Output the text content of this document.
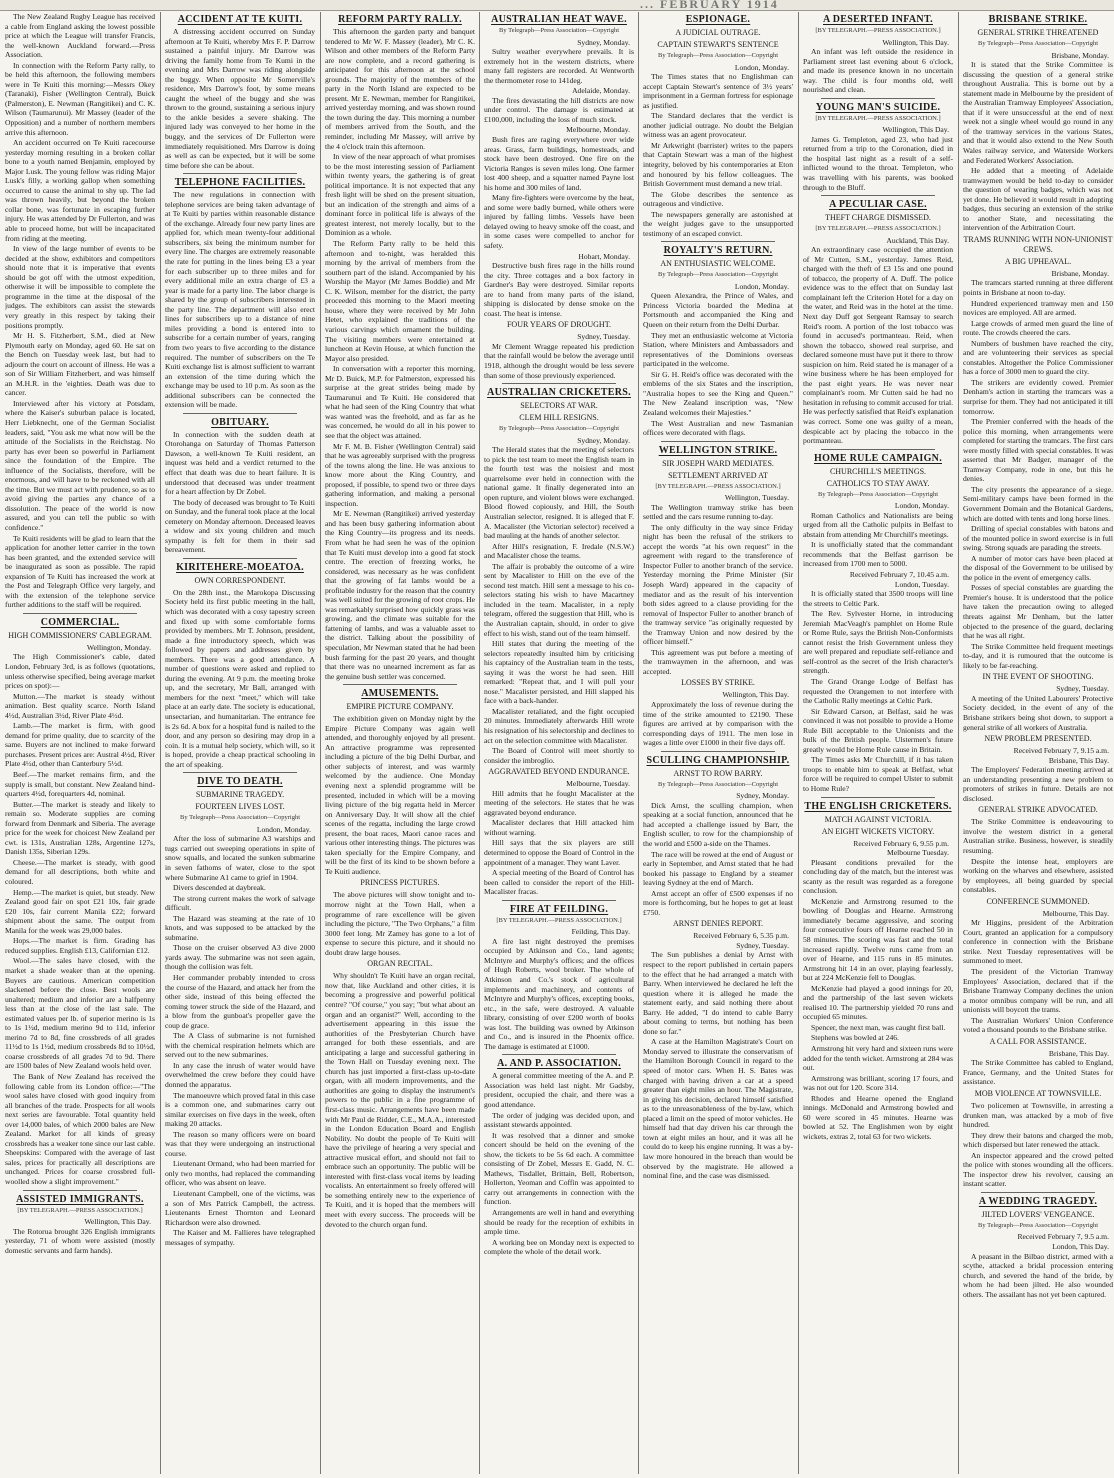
... FEBRUARY 1914

The New Zealand Rugby League has received a cable from England asking the lowest possible price at which the League will transfer Francis, the well-known Auckland forward.—Press Association.

In connection with the Reform Party rally, to be held this afternoon, the following members were in Te Kuiti this morning:—Messrs Okey (Taranaki), Fisher (Wellington Central), Buick (Palmerston), E. Newman (Rangitikei) and C. K. Wilson (Taumarunui). Mr Massey (leader of the Opposition) and a number of northern members arrive this afternoon.

An accident occurred on Te Kuiti racecourse yesterday morning resulting in a broken collar bone to a youth named Benjamin, employed by Major Lusk. The young fellow was riding Major Lusk's filly, a working gallop when something occurred to cause the animal to shy up. The lad was thrown heavily, but beyond the broken collar bone, was fortunate in escaping further injury. He was attended by Dr Fullerton, and was able to proceed home, but will be incapacitated from riding at the meeting.

In view of the large number of events to be decided at the show, exhibitors and competitors should note that it is imperative that events should be got off with the utmost expedition, otherwise it will be impossible to complete the programme in the time at the disposal of the judges. The exhibitors can assist the stewards very greatly in this respect by taking their positions promptly.

Mr H. S. Fitzherbert, S.M., died at New Plymouth early on Monday, aged 60. He sat on the Bench on Tuesday week last, but had to adjourn the court on account of illness. He was a son of Sir William Fitzherbert, and was himself an M.H.R. in the 'eighties. Death was due to cancer.

Interviewed after his victory at Potsdam, where the Kaiser's suburban palace is located, Herr Liebknecht, one of the German Socialist leaders, said, "You ask me what now will be the attitude of the Socialists in the Reichstag. No party has ever been so powerful in Parliament since the foundation of the Empire. The influence of the Socialists, therefore, will be enormous, and will have to be reckoned with all the time. But we must act with prudence, so as to avoid giving the parties any chance of a dissolution. The peace of the world is now assured, and you can tell the public so with confidence."

Te Kuiti residents will be glad to learn that the application for another letter carrier in the town has been granted, and the extended service will be inaugurated as soon as possible. The rapid expansion of Te Kuiti has increased the work at the Post and Telegraph Office very largely, and with the extension of the telephone service further additions to the staff will be required.

COMMERCIAL.
HIGH COMMISSIONERS' CABLEGRAM.
Wellington, Monday.

The High Commissioner's cable, dated London, February 3rd, is as follows (quotations, unless otherwise specified, being average market prices on spot):—

Mutton.—The market is steady without animation. Best quality scarce. North Island 4½d, Australian 3½d, River Plate 4½d.

Lamb.—The market is firm, with good demand for prime quality, due to scarcity of the same. Buyers are not inclined to make forward purchases. Present prices are: Austral 4½d, River Plate 4½d, other than Canterbury 5½d.

Beef.—The market remains firm, and the supply is small, but constant. New Zealand hind-quarters 4½d, forequarters 4d, nominal.

Butter.—The market is steady and likely to remain so. Moderate supplies are coming forward from Denmark and Siberia. The average price for the week for choicest New Zealand per cwt. is 131s, Australian 128s, Argentine 127s, Danish 135s, Siberian 129s.

Cheese.—The market is steady, with good demand for all descriptions, both white and coloured.

Hemp.—The market is quiet, but steady. New Zealand good fair on spot £21 10s, fair grade £20 10s, fair current Manila £22; forward shipment about the same. The output from Manila for the week was 29,000 bales.

Hops.—The market is firm. Grading has reduced supplies. English £13, Californian £12.

Wool.—The sales have closed, with the market a shade weaker than at the opening. Buyers are cautious. American competition slackened before the close. Best wools are unaltered; medium and inferior are a halfpenny less than at the close of the last sale. The estimated values per lb. of superior merino is 1s to 1s 1½d, medium merino 9d to 11d, inferior merino 7d to 8d, fine crossbreds of all grades 11½d to 1s 1½d, medium crossbreds 8d to 10½d, coarse crossbreds of all grades 7d to 9d. There are 1500 bales of New Zealand wools held over.

The Bank of New Zealand has received the following cable from its London office:—"The wool sales have closed with good inquiry from all branches of the trade. Prospects for all wools next series are favourable. Total quantity held over 14,000 bales, of which 2000 bales are New Zealand. Market for all kinds of greasy crossbreds has a weaker tone since our last cable. Sheepskins: Compared with the average of last sales, prices for practically all descriptions are unchanged. Prices for coarse crossbred full-woolled show a slight improvement."

ASSISTED IMMIGRANTS.
[BY TELEGRAPH.—PRESS ASSOCIATION.]
Wellington, This Day.

The Rotorua brought 326 English immigrants yesterday, 71 of whom were assisted (mostly domestic servants and farm hands).

ACCIDENT AT TE KUITI.

A distressing accident occurred on Sunday afternoon at Te Kuiti, whereby Mrs F. P. Darrow sustained a painful injury. Mr Darrow was driving the family home from Te Kumi in the evening and Mrs Darrow was riding alongside the buggy. When opposite Mr Somerville's residence, Mrs Darrow's foot, by some means caught the wheel of the buggy and she was thrown to the ground, sustaining a serious injury to the ankle besides a severe shaking. The injured lady was conveyed to her home in the buggy, and the services of Dr Fullerton were immediately requisitioned. Mrs Darrow is doing as well as can be expected, but it will be some time before she can be about.

TELEPHONE FACILITIES.

The new regulations in connection with telephone services are being taken advantage of at Te Kuiti by parties within reasonable distance of the exchange. Already four new party lines are applied for, which mean twenty-four additional subscribers, six being the minimum number for every line. The charges are extremely reasonable the rate for putting in the lines being £3 a year for each subscriber up to three miles and for every additional mile an extra charge of £3 a year is made for a party line. The labor charge is shared by the group of subscribers interested in the party line. The department will also erect lines for subscribers up to a distance of nine miles providing a bond is entered into to subscribe for a certain number of years, ranging from two years to five according to the distance required. The number of subscribers on the Te Kuiti exchange list is almost sufficient to warrant an extension of the time during which the exchange may be used to 10 p.m. As soon as the additional subscribers can be connected the extension will be made.

OBITUARY.

In connection with the sudden death at Otorohanga on Saturday of Thomas Patterson Dawson, a well-known Te Kuiti resident, an inquest was held and a verdict returned to the effect that death was due to heart failure. It is understood that deceased was under treatment for a heart affection by Dr Zobel.

The body of deceased was brought to Te Kuiti on Sunday, and the funeral took place at the local cemetery on Monday afternoon. Deceased leaves a widow and six young children and much sympathy is felt for them in their sad bereavement.

KIRITEHERE-MOEATOA.
OWN CORRESPONDENT.

On the 28th inst., the Marokopa Discussing Society held its first public meeting in the hall, which was decorated with a cosy tapestry screen and fixed up with some comfortable forms provided by members. Mr T. Johnson, president, made a fine introductory speech, which was followed by papers and addresses given by members. There was a good attendance. A number of questions were asked and replied to during the evening. At 9 p.m. the meeting broke up, and the secretary, Mr Ball, arranged with members for the next "meet," which will take place at an early date. The society is educational, unsectarian, and humanitarian. The entrance fee is 2s 6d. A box for a hospital fund is nailed to the door, and any person so desiring may drop in a coin. It is a mutual help society, which will, so it is hoped, provide a cheap practical schooling in the art of speaking.

DIVE TO DEATH.
SUBMARINE TRAGEDY.
FOURTEEN LIVES LOST.
By Telegraph—Press Association—Copyright
London, Monday.

After the loss of submarine A3 warships and tugs carried out sweeping operations in spite of snow squalls, and located the sunken submarine in seven fathoms of water, close to the spot where Submarine A1 came to grief in 1904.

Divers descended at daybreak.

The strong current makes the work of salvage difficult.

The Hazard was steaming at the rate of 10 knots, and was supposed to be attacked by the submarine.

Those on the cruiser observed A3 dive 2000 yards away. The submarine was not seen again, though the collision was felt.

Her commander probably intended to cross the course of the Hazard, and attack her from the other side, instead of this being effected the coming tower struck the side of the Hazard, and a blow from the gunboat's propeller gave the coup de grace.

The A Class of submarine is not furnished with the chemical respiration helmets which are served out to the new submarines.

In any case the inrush of water would have overwhelmed the crew before they could have donned the apparatus.

The manoeuvre which proved fatal in this case is a common one, and submarines carry out similar exercises on five days in the week, often making 20 attacks.

The reason so many officers were on board was that they were undergoing an instructional course.

Lieutenant Ormand, who had been married for only two months, had replaced the commanding officer, who was absent on leave.

Lieutenant Campbell, one of the victims, was a son of Mrs Patrick Campbell, the actress. Lieutenants Ernest Thornton and Leonard Richardson were also drowned.

The Kaiser and M. Fallieres have telegraphed messages of sympathy.

REFORM PARTY RALLY.

This afternoon the garden party and banquet tendered to Mr W. F. Massey (leader), Mr C. K. Wilson and other members of the Reform Party are now complete, and a record gathering is anticipated for this afternoon at the school grounds. The majority of the members of the party in the North Island are expected to be present. Mr E. Newman, member for Rangitikei, arrived yesterday morning, and was shown round the town during the day. This morning a number of members arrived from the South, and the reminder, including Mr Massey, will arrive by the 4 o'clock train this afternoon.

In view of the near approach of what promises to be the most interesting session of Parliament within twenty years, the gathering is of great political importance. It is not expected that any fresh light will be shed on the present situation, but an indication of the strength and aims of a dominant force in political life is always of the greatest interest, not merely locally, but to the Dominion as a whole.

The Reform Party rally to be held this afternoon and to-night, was heralded this morning by the arrival of members from the southern part of the island. Accompanied by his Worship the Mayor (Mr James Boddie) and Mr C. K. Wilson, member for the district, the party proceeded this morning to the Maori meeting house, where they were received by Mr John Hetet, who explained the traditions of the various carvings which ornament the building. The visiting members were entertained at luncheon at Kevin House, at which function the Mayor also presided.

In conversation with a reporter this morning, Mr D. Buick, M.P. for Palmerston, expressed his surprise at the great strides being made by Taumarunui and Te Kuiti. He considered that what he had seen of the King Country that what was wanted was the freehold, and as far as he was concerned, he would do all in his power to see that the object was attained.

Mr F. M. B. Fisher (Wellington Central) said that he was agreeably surprised with the progress of the towns along the line. He was anxious to know more about the King Country, and proposed, if possible, to spend two or three days gathering information, and making a personal inspection.

Mr E. Newman (Rangitikei) arrived yesterday and has been busy gathering information about the King Country—its progress and its needs. From what he had seen he was of the opinion that Te Kuiti must develop into a good fat stock centre. The erection of freezing works, he considered, was necessary as he was confident that the growing of fat lambs would be a profitable industry for the reason that the country was well suited for the growing of root crops. He was remarkably surprised how quickly grass was growing, and the climate was suitable for the fattening of lambs, and was a valuable asset to the district. Talking about the possibility of speculation, Mr Newman stated that he had been bush farming for the past 20 years, and thought that there was no unearned increment as far as the genuine bush settler was concerned.

AMUSEMENTS.
EMPIRE PICTURE COMPANY.

The exhibition given on Monday night by the Empire Picture Company was again well attended, and thoroughly enjoyed by all present. An attractive programme was represented including a picture of the big Delhi Durbar, and other subjects of interest, and was warmly welcomed by the audience. One Monday evening next a splendid programme will be presented, included in which will be a moving living picture of the big regatta held in Mercer on Anniversary Day. It will show all the chief scenes of the regatta, including the large crowd present, the boat races, Maori canoe races and various other interesting things. The pictures was taken specially for the Empire Company, and will be the first of its kind to be shown before a Te Kuiti audience.

PRINCESS PICTURES.

The above pictures will show tonight and to-morrow night at the Town Hall, when a programme of rare excellence will be given including the picture, "The Two Orphans," a film 3000 feet long. Mr Zamey has gone to a lot of expense to secure this picture, and it should no doubt draw large houses.

ORGAN RECITAL.

Why shouldn't Te Kuiti have an organ recital, now that, like Auckland and other cities, it is becoming a progressive and powerful political centre? "Of course," you say; "but what about an organ and an organist?" Well, according to the advertisement appearing in this issue the authorities of the Presbyterian Church have arranged for both these essentials, and are anticipating a large and successful gathering in the Town Hall on Tuesday evening next. The church has just imported a first-class up-to-date organ, with all modern improvements, and the authorities are going to display the instrument's powers to the public in a fine programme of first-class music. Arrangements have been made with Mr Paul de Ridder, C.E., M.A.A., interested in the London Education Board and English Nobility. No doubt the people of Te Kuiti will have the privilege of hearing a very special and attractive musical effort, and should not fail to embrace such an opportunity. The public will be interested with first-class vocal items by leading vocalists. An entertainment so freely offered will be something entirely new to the experience of Te Kuiti, and it is hoped that the members will meet with every success. The proceeds will be devoted to the church organ fund.

AUSTRALIAN HEAT WAVE.
By Telegraph—Press Association—Copyright
Sydney, Monday.

Sultry weather everywhere prevails. It is extremely hot in the western districts, where many fall registers are recorded. At Wentworth the thermometer rose to 141deg.

Adelaide, Monday.

The fires devastating the hill districts are now under control. The damage is estimated at £100,000, including the loss of much stock.

Melbourne, Monday.

Bush fires are raging everywhere over wide areas. Grass, farm buildings, homesteads, and stock have been destroyed. One fire on the Victoria Ranges is seven miles long. One farmer lost 400 sheep, and a squatter named Payne lost his home and 300 miles of land.

Many fire-fighters were overcome by the heat, and some were badly burned, while others were injured by falling limbs. Vessels have been delayed owing to heavy smoke off the coast, and in some cases were compelled to anchor for safety.

Hobart, Monday.

Destructive bush fires rage in the hills round the city. Three cottages and a box factory in Gardner's Bay were destroyed. Similar reports are to hand from many parts of the island, shipping is dislocated by dense smoke on the coast. The heat is intense.

FOUR YEARS OF DROUGHT.
Sydney, Tuesday.

Mr Clement Wragge repeated his prediction that the rainfall would be below the average until 1918, although the drought would be less severe than some of those previously experienced.

AUSTRALIAN CRICKETERS.
SELECTORS AT WAR.
CLEM HILL RESIGNS.
By Telegraph—Press Association—Copyright
Sydney, Monday.

The Herald states that the meeting of selectors to pick the test team to meet the English team in the fourth test was the noisiest and most quarrelsome ever held in connection with the national game. It finally degenerated into an open rupture, and violent blows were exchanged. Blood flowed copiously, and Hill, the South Australian selector, resigned. It is alleged that F. A. Macalister (the Victorian selector) received a bad mauling at the hands of another selector.

After Hill's resignation, F. Iredale (N.S.W.) and Macalister chose the teams.

The affair is probably the outcome of a wire sent by Macalister to Hill on the eve of the second test match. Hill sent a message to his co-selectors stating his wish to have Macartney included in the team. Macalister, in a reply telegram, offered the suggestion that Hill, who is the Australian captain, should, in order to give effect to his wish, stand out of the team himself.

Hill states that during the meeting of the selectors repeatedly insulted him by criticising his captaincy of the Australian team in the tests, saying it was the worst he had seen. Hill remarked: "Repeat that, and I will pull your nose." Macalister persisted, and Hill slapped his face with a back-hander.

Macalister retaliated, and the fight occupied 20 minutes. Immediately afterwards Hill wrote his resignation of his selectorship and declines to act on the selection committee with Macalister.

The Board of Control will meet shortly to consider the imbroglio.

AGGRAVATED BEYOND ENDURANCE.
Melbourne, Tuesday.

Hill admits that he fought Macalister at the meeting of the selectors. He states that he was aggravated beyond endurance.

Macalister declares that Hill attacked him without warning.

Hill says that the six players are still determined to oppose the Board of Control in the appointment of a manager. They want Laver.

A special meeting of the Board of Control has been called to consider the report of the Hill-Macalister fracas.

FIRE AT FEILDING.
[BY TELEGRAPH.—PRESS ASSOCIATION.]
Feilding, This Day.

A fire last night destroyed the premises occupied by Atkinson and Co., land agents; McIntyre and Murphy's offices; and the offices of Hugh Roberts, wool broker. The whole of Atkinson and Co.'s stock of agricultural implements and machinery, and contents of McIntyre and Murphy's offices, excepting books, etc., in the safe, were destroyed. A valuable library, consisting of over £200 worth of books was lost. The building was owned by Atkinson and Co., and is insured in the Phoenix office. The damage is estimated at £1000.

A. AND P. ASSOCIATION.

A general committee meeting of the A. and P. Association was held last night. Mr Gadsby, president, occupied the chair, and there was a good attendance.

The order of judging was decided upon, and assistant stewards appointed.

It was resolved that a dinner and smoke concert should be held on the evening of the show, the tickets to be 5s 6d each. A committee consisting of Dr Zobel, Messrs E. Gadd, N. C. Mathews, Tisdallet, Brittain, Bell, Robertson, Hollerton, Yeoman and Coffin was appointed to carry out arrangements in connection with the function.

Arrangements are well in hand and everything should be ready for the reception of exhibits in ample time.

A working bee on Monday next is expected to complete the whole of the detail work.

ESPIONAGE.
A JUDICIAL OUTRAGE.
CAPTAIN STEWART'S SENTENCE
By Telegraph—Press Association—Copyright
London, Monday.

The Times states that no Englishman can accept Captain Stewart's sentence of 3½ years' imprisonment in a German fortress for espionage as justified.

The Standard declares that the verdict is another judicial outrage. No doubt the Belgian witness was an agent provocateur.

Mr Arkwright (barrister) writes to the papers that Captain Stewart was a man of the highest integrity, beloved by his contemporaries at Eton and honoured by his fellow colleagues. The British Government must demand a new trial.

The Globe describes the sentence as outrageous and vindictive.

The newspapers generally are astonished at the weight judges gave to the unsupported testimony of an escaped convict.

ROYALTY'S RETURN.
AN ENTHUSIASTIC WELCOME.
By Telegraph—Press Association—Copyright
London, Monday.

Queen Alexandra, the Prince of Wales, and Princess Victoria boarded the Medina at Portsmouth and accompanied the King and Queen on their return from the Delhi Durbar.

They met an enthusiastic welcome at Victoria Station, where Ministers and Ambassadors and representatives of the Dominions overseas participated in the welcome.

Sir G. H. Reid's office was decorated with the emblems of the six States and the inscription, "Australia hopes to see the King and Queen." The New Zealand inscription was, "New Zealand welcomes their Majesties."

The West Australian and new Tasmanian offices were decorated with flags.

WELLINGTON STRIKE.
SIR JOSEPH WARD MEDIATES.
SETTLEMENT ARRIVED AT
[BY TELEGRAPH.—PRESS ASSOCIATION.]
Wellington, Tuesday.

The Wellington tramway strike has been settled and the cars resume running to-day.

The only difficulty in the way since Friday night has been the refusal of the strikers to accept the words "at his own request" in the agreement with regard to the transference of Inspector Fuller to another branch of the service. Yesterday morning the Prime Minister (Sir Joseph Ward) appeared in the capacity of mediator and as the result of his intervention both sides agreed to a clause providing for the removal of Inspector Fuller to another branch of the tramway service "as originally requested by the Tramway Union and now desired by the officer himself."

This agreement was put before a meeting of the tramwaymen in the afternoon, and was accepted.

LOSSES BY STRIKE.
Wellington, This Day.

Approximately the loss of revenue during the time of the strike amounted to £2190. These figures are arrived at by comparison with the corresponding days of 1911. The men lose in wages a little over £1000 in their five days off.

SCULLING CHAMPIONSHIP.
ARNST TO ROW BARRY.
By Telegraph—Press Association—Copyright
Sydney, Monday.

Dick Arnst, the sculling champion, when speaking at a social function, announced that he had accepted a challenge issued by Barr, the English sculler, to row for the championship of the world and £500 a-side on the Thames.

The race will be rowed at the end of August or early in September, and Arnst stated that he had booked his passage to England by a steamer leaving Sydney at the end of March.

Arnst accept an offer of £500 expenses if no more is forthcoming, but he hopes to get at least £750.

ARNST DENIES REPORT.
Received February 6, 5.35 p.m.
Sydney, Tuesday.

The Sun publishes a denial by Arnst with respect to the report published in certain papers to the effect that he had arranged a match with Barry. When interviewed he declared he left the question where it is alleged he made the statement early, and said nothing there about Barry. He added, "I do intend to cable Barry about coming to terms, but nothing has been done so far."

A case at the Hamilton Magistrate's Court on Monday served to illustrate the conservatism of the Hamilton Borough Council in regard to the speed of motor cars. When H. S. Bates was charged with having driven a car at a speed greater than eight miles an hour. The Magistrate, in giving his decision, declared himself satisfied as to the unreasonableness of the by-law, which placed a limit on the speed of motor vehicles. He himself had that day driven his car through the town at eight miles an hour, and it was all he could do to keep his engine running. It was a by-law more honoured in the breach than would be observed by the magistrate. He allowed a nominal fine, and the case was dismissed.

A DESERTED INFANT.
[BY TELEGRAPH.—PRESS ASSOCIATION.]
Wellington, This Day.

An infant was left outside the residence in Parliament street last evening about 6 o'clock, and made its presence known in no uncertain way. The child is four months old, well nourished and clean.

YOUNG MAN'S SUICIDE.
[BY TELEGRAPH.—PRESS ASSOCIATION.]
Wellington, This Day.

James G. Templeton, aged 23, who had just returned from a trip to the Coronation, died in the hospital last night as a result of a self-inflicted wound to the throat. Templeton, who was travelling with his parents, was booked through to the Bluff.

A PECULIAR CASE.
THEFT CHARGE DISMISSED.
[BY TELEGRAPH.—PRESS ASSOCIATION.]
Auckland, This Day.

An extraordinary case occupied the attention of Mr Cutten, S.M., yesterday. James Reid, charged with the theft of £3 15s and one pound of tobacco, the property of A. Duff. The police evidence was to the effect that on Sunday last complainant left the Criterion Hotel for a day on the water, and Reid was in the hotel at the time. Next day Duff got Sergeant Ramsay to search Reid's room. A portion of the lost tobacco was found in accused's portmanteau. Reid, when shown the tobacco, showed real surprise, and declared someone must have put it there to throw suspicion on him. Reid stated he is manager of a wine business where he has been employed for the past eight years. He was never near complainant's room. Mr Cutten said he had no hesitation in refusing to commit accused for trial. He was perfectly satisfied that Reid's explanation was correct. Some one was guilty of a mean, despicable act by placing the tobacco in the portmanteau.

HOME RULE CAMPAIGN.
CHURCHILL'S MEETINGS.
CATHOLICS TO STAY AWAY.
By Telegraph—Press Association—Copyright
London, Monday.

Roman Catholics and Nationalists are being urged from all the Catholic pulpits in Belfast to abstain from attending Mr Churchill's meetings.

It is unofficially stated that the commandant recommends that the Belfast garrison be increased from 1700 men to 5000.

Received February 7, 10.45 a.m.
London, Tuesday.

It is officially stated that 3500 troops will line the streets to Celtic Park.

The Rev. Sylvester Horne, in introducing Jeremiah MacVeagh's pamphlet on Home Rule or Rome Rule, says the British Non-Conformists cannot resist the Irish Government unless they are well prepared and repudiate self-reliance and self-control as the secret of the Irish character's strength.

The Grand Orange Lodge of Belfast has requested the Orangemen to not interfere with the Catholic Rally meetings at Celtic Park.

Sir Edward Carson, at Belfast, said he was convinced it was not possible to provide a Home Rule Bill acceptable to the Unionists and the bulk of the British people. Ulstermen's future greatly would be Home Rule cause in Britain.

The Times asks Mr Churchill, if it has taken troops to enable him to speak at Belfast, what force will be required to compel Ulster to submit to Home Rule?

THE ENGLISH CRICKETERS.
MATCH AGAINST VICTORIA.
AN EIGHT WICKETS VICTORY.
Received February 6, 9.55 p.m.
Melbourne Tuesday.

Pleasant conditions prevailed for the concluding day of the match, but the interest was scanty as the result was regarded as a foregone conclusion.

McKenzie and Armstrong resumed to the bowling of Douglas and Hearne. Armstrong immediately became aggressive, and scoring four consecutive fours off Hearne reached 50 in 58 minutes. The scoring was fast and the total increased rapidly. Twelve runs came from an over of Hearne, and 115 runs in 85 minutes. Armstrong hit 14 in an over, playing fearlessly, but at 224 McKenzie fell to Douglas.

McKenzie had played a good innings for 20, and the partnership of the last seven wickets realised 10. The partnership yielded 70 runs and occupied 65 minutes.

Spencer, the next man, was caught first ball.

Stephens was bowled at 246.

Armstrong hit very hard and sixteen runs were added for the tenth wicket. Armstrong at 284 was out.

Armstrong was brilliant, scoring 17 fours, and was not out for 120. Score 314.

Rhodes and Hearne opened the England innings. McDonald and Armstrong bowled and 60 were scored in 45 minutes. Hearne was bowled at 52. The Englishmen won by eight wickets, extras 2, total 63 for two wickets.

BRISBANE STRIKE.
GENERAL STRIKE THREATENED
By Telegraph—Press Association—Copyright
Brisbane, Monday.

It is stated that the Strike Committee is discussing the question of a general strike throughout Australia. This is borne out by a statement made in Melbourne by the president of the Australian Tramway Employees' Association, that if it were unsuccessful at the end of next week not a single wheel would go round in any of the tramway services in the various States, and that it would also extend to the New South Wales railway service, and Waterside Workers and Federated Workers' Association.

He added that a meeting of Adelaide tramwaymen would be held to-day to consider the question of wearing badges, which was not yet done. He believed it would result in adopting badges, thus securing an extension of the strike to another State, and necessitating the intervention of the Arbitration Court.

TRAMS RUNNING WITH NON-UNIONIST CREWS.
A BIG UPHEAVAL.
Brisbane, Monday.

The tramcars started running at three different points in Brisbane at noon to-day.

Hundred experienced tramway men and 150 novices are employed. All are armed.

Large crowds of armed men guard the line of route. The crowds cheered the cars.

Numbers of bushmen have reached the city, and are volunteering their services as special constables. Altogether the Police Commissioner has a force of 3000 men to guard the city.

The strikers are evidently cowed. Premier Denham's action in starting the tramcars was a surprise for them. They had not anticipated it till tomorrow.

The Premier conferred with the heads of the police this morning, when arrangements were completed for starting the tramcars. The first cars were mostly filled with special constables. It was asserted that Mr Badger, manager of the Tramway Company, rode in one, but this he denies.

The city presents the appearance of a siege. Semi-military camps have been formed in the Government Domain and the Botanical Gardens, which are dotted with tents and long horse lines.

Drilling of special constables with batons and of the mounted police in sword exercise is in full swing. Strong squads are parading the streets.

A number of motor cars have been placed at the disposal of the Government to be utilised by the police in the event of emergency calls.

Posses of special constables are guarding the Premier's house. It is understood that the police have taken the precaution owing to alleged threats against Mr Denham, but the latter objected to the presence of the guard, declaring that he was all right.

The Strike Committee held frequent meetings to-day, and it is rumoured that the outcome is likely to be far-reaching.

IN THE EVENT OF SHOOTING.
Sydney, Tuesday.

A meeting of the United Labourers' Protective Society decided, in the event of any of the Brisbane strikers being shot down, to support a general strike of all workers of Australia.

NEW PROBLEM PRESENTED.
Received February 7, 9.15 a.m.
Brisbane, This Day.

The Employers' Federation meeting arrived at an understanding presenting a new problem to promoters of strikes in future. Details are not disclosed.

GENERAL STRIKE ADVOCATED.

The Strike Committee is endeavouring to involve the western district in a general Australian strike. Business, however, is steadily resuming.

Despite the intense heat, employers are working on the wharves and elsewhere, assisted by employees, all being guarded by special constables.

CONFERENCE SUMMONED.
Melbourne, This Day.

Mr Higgins, president of the Arbitration Court, granted an application for a compulsory conference in connection with the Brisbane strike. Next Tuesday representatives will be summoned to meet.

The president of the Victorian Tramway Employees' Association, declared that if the Brisbane Tramway Company declines the union a motor omnibus company will be run, and all unionists will boycott the trams.

The Australian Workers' Union Conference voted a thousand pounds to the Brisbane strike.

A CALL FOR ASSISTANCE.
Brisbane, This Day.

The Strike Committee has cabled to England, France, Germany, and the United States for assistance.

MOB VIOLENCE AT TOWNSVILLE.

Two policemen at Townsville, in arresting a drunken man, was attacked by a mob of five hundred.

They drew their batons and charged the mob, which dispersed but later renewed the attack.

An inspector appeared and the crowd pelted the police with stones wounding all the officers. The inspector drew his revolver, causing an instant scatter.

A WEDDING TRAGEDY.
JILTED LOVERS' VENGEANCE.
By Telegraph—Press Association—Copyright
Received February 7, 9.5 a.m.
London, This Day.

A peasant in the Bilbao district, armed with a scythe, attacked a bridal procession entering church, and severed the hand of the bride, by whom he had been jilted. He also wounded others. The assailant has not yet been captured.
